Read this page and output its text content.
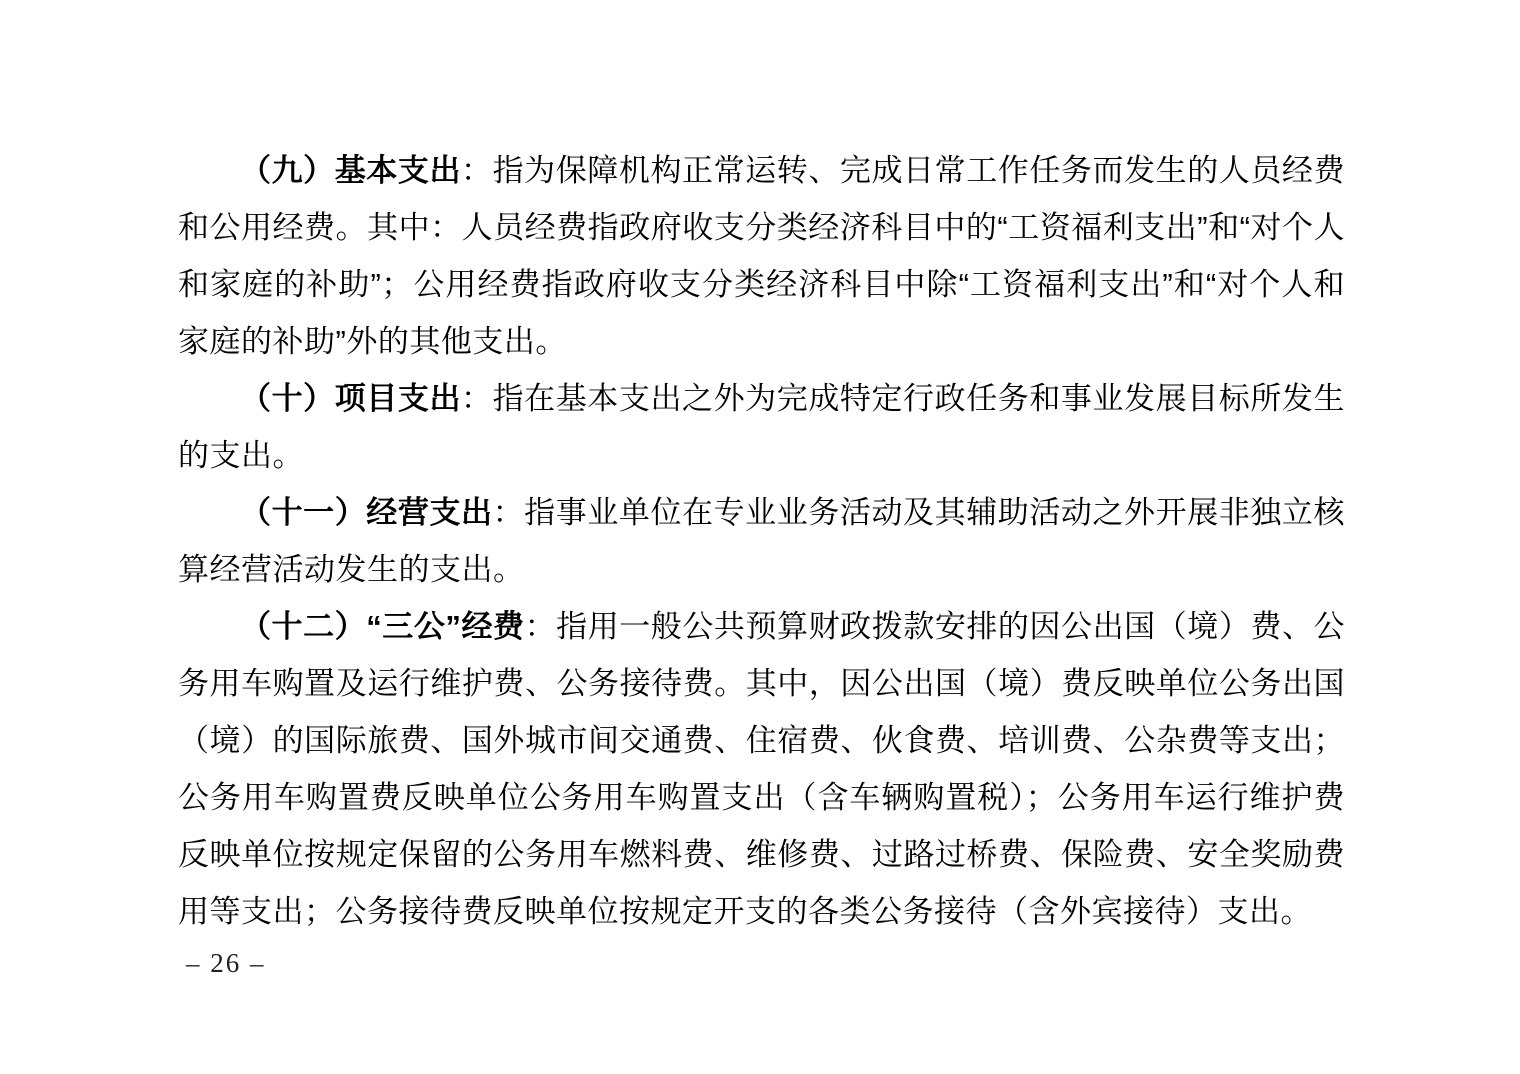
（九）基本支出：指为保障机构正常运转、完成日常工作任务而发生的人员经费和公用经费。其中：人员经费指政府收支分类经济科目中的“工资福利支出”和“对个人和家庭的补助”；公用经费指政府收支分类经济科目中除“工资福利支出”和“对个人和家庭的补助”外的其他支出。

（十）项目支出：指在基本支出之外为完成特定行政任务和事业发展目标所发生的支出。

（十一）经营支出：指事业单位在专业业务活动及其辅助活动之外开展非独立核算经营活动发生的支出。

（十二）“三公”经费：指用一般公共预算财政拨款安排的因公出国（境）费、公务用车购置及运行维护费、公务接待费。其中，因公出国（境）费反映单位公务出国（境）的国际旅费、国外城市间交通费、住宿费、伙食费、培训费、公杂费等支出；公务用车购置费反映单位公务用车购置支出（含车辆购置税）；公务用车运行维护费反映单位按规定保留的公务用车燃料费、维修费、过路过桥费、保险费、安全奖励费用等支出；公务接待费反映单位按规定开支的各类公务接待（含外宾接待）支出。

– 26 –
